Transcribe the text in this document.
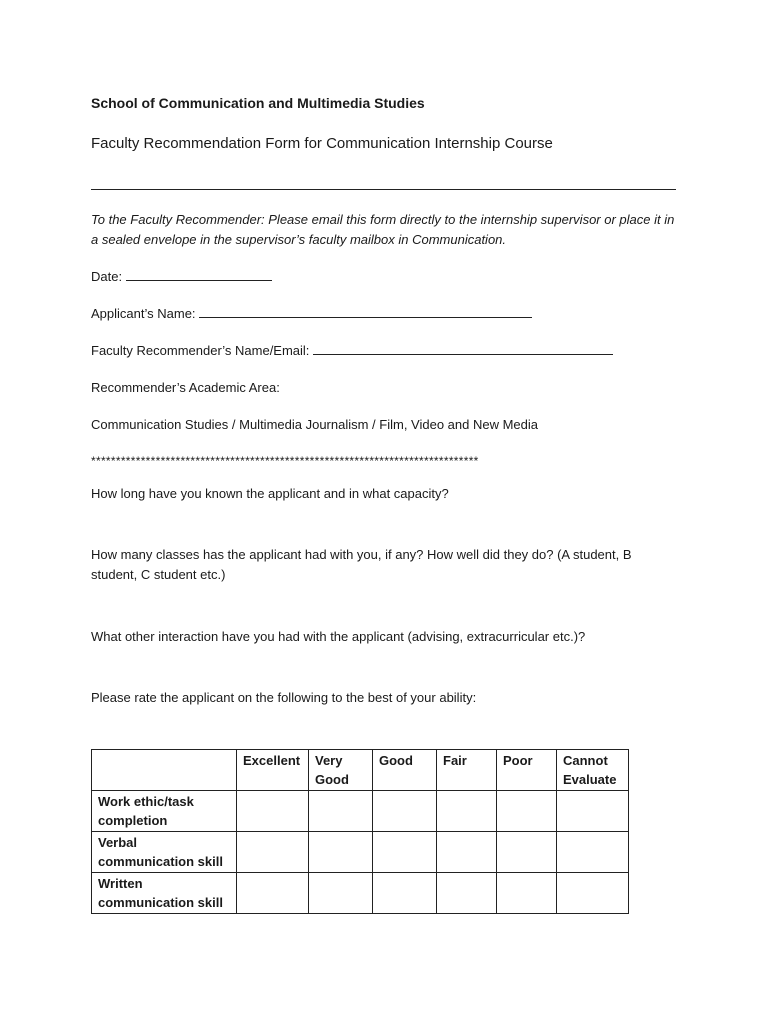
School of Communication and Multimedia Studies
Faculty Recommendation Form for Communication Internship Course
To the Faculty Recommender: Please email this form directly to the internship supervisor or place it in a sealed envelope in the supervisor’s faculty mailbox in Communication.
Date:
Applicant’s Name:
Faculty Recommender’s Name/Email:
Recommender’s Academic Area:
Communication Studies / Multimedia Journalism / Film, Video and New Media
******************************************************************************
How long have you known the applicant and in what capacity?
How many classes has the applicant had with you, if any? How well did they do? (A student, B student, C student etc.)
What other interaction have you had with the applicant (advising, extracurricular etc.)?
Please rate the applicant on the following to the best of your ability:
	Excellent	Very Good	Good	Fair	Poor	Cannot Evaluate
Work ethic/task completion						
Verbal communication skill						
Written communication skill						
